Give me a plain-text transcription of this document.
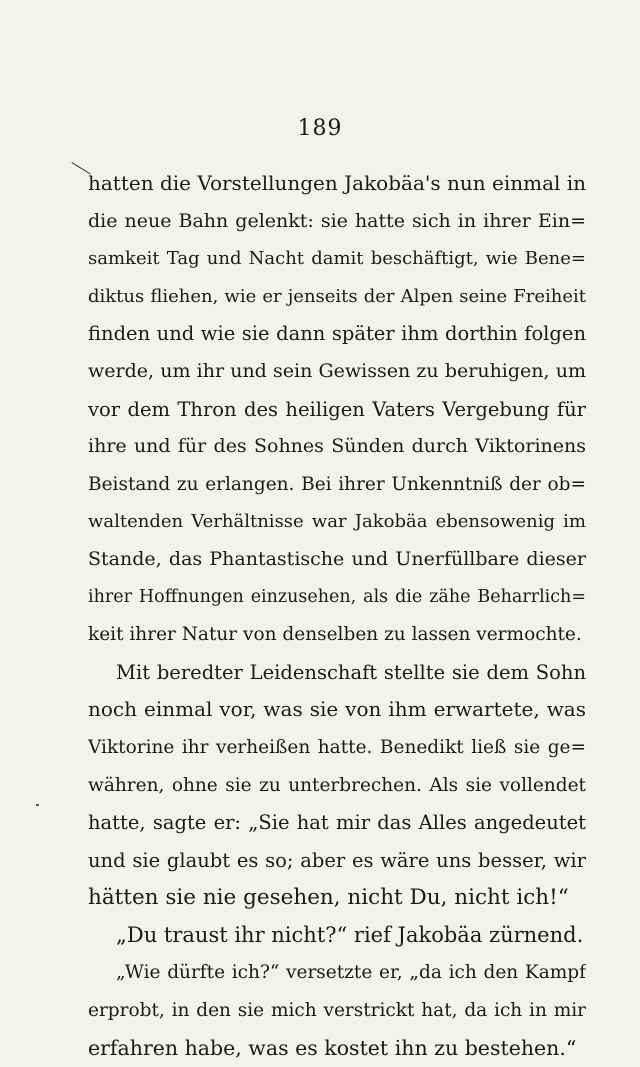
189
hatten die Vorstellungen Jakobäa's nun einmal in
die neue Bahn gelenkt: sie hatte sich in ihrer Ein=
samkeit Tag und Nacht damit beschäftigt, wie Bene=
diktus fliehen, wie er jenseits der Alpen seine Freiheit
finden und wie sie dann später ihm dorthin folgen
werde, um ihr und sein Gewissen zu beruhigen, um
vor dem Thron des heiligen Vaters Vergebung für
ihre und für des Sohnes Sünden durch Viktorinens
Beistand zu erlangen. Bei ihrer Unkenntniß der ob=
waltenden Verhältnisse war Jakobäa ebensowenig im
Stande, das Phantastische und Unerfüllbare dieser
ihrer Hoffnungen einzusehen, als die zähe Beharrlich=
keit ihrer Natur von denselben zu lassen vermochte.
Mit beredter Leidenschaft stellte sie dem Sohn
noch einmal vor, was sie von ihm erwartete, was
Viktorine ihr verheißen hatte. Benedikt ließ sie ge=
währen, ohne sie zu unterbrechen. Als sie vollendet
hatte, sagte er: „Sie hat mir das Alles angedeutet
und sie glaubt es so; aber es wäre uns besser, wir
hätten sie nie gesehen, nicht Du, nicht ich!“
„Du traust ihr nicht?“ rief Jakobäa zürnend.
„Wie dürfte ich?“ versetzte er, „da ich den Kampf
erprobt, in den sie mich verstrickt hat, da ich in mir
erfahren habe, was es kostet ihn zu bestehen.“
